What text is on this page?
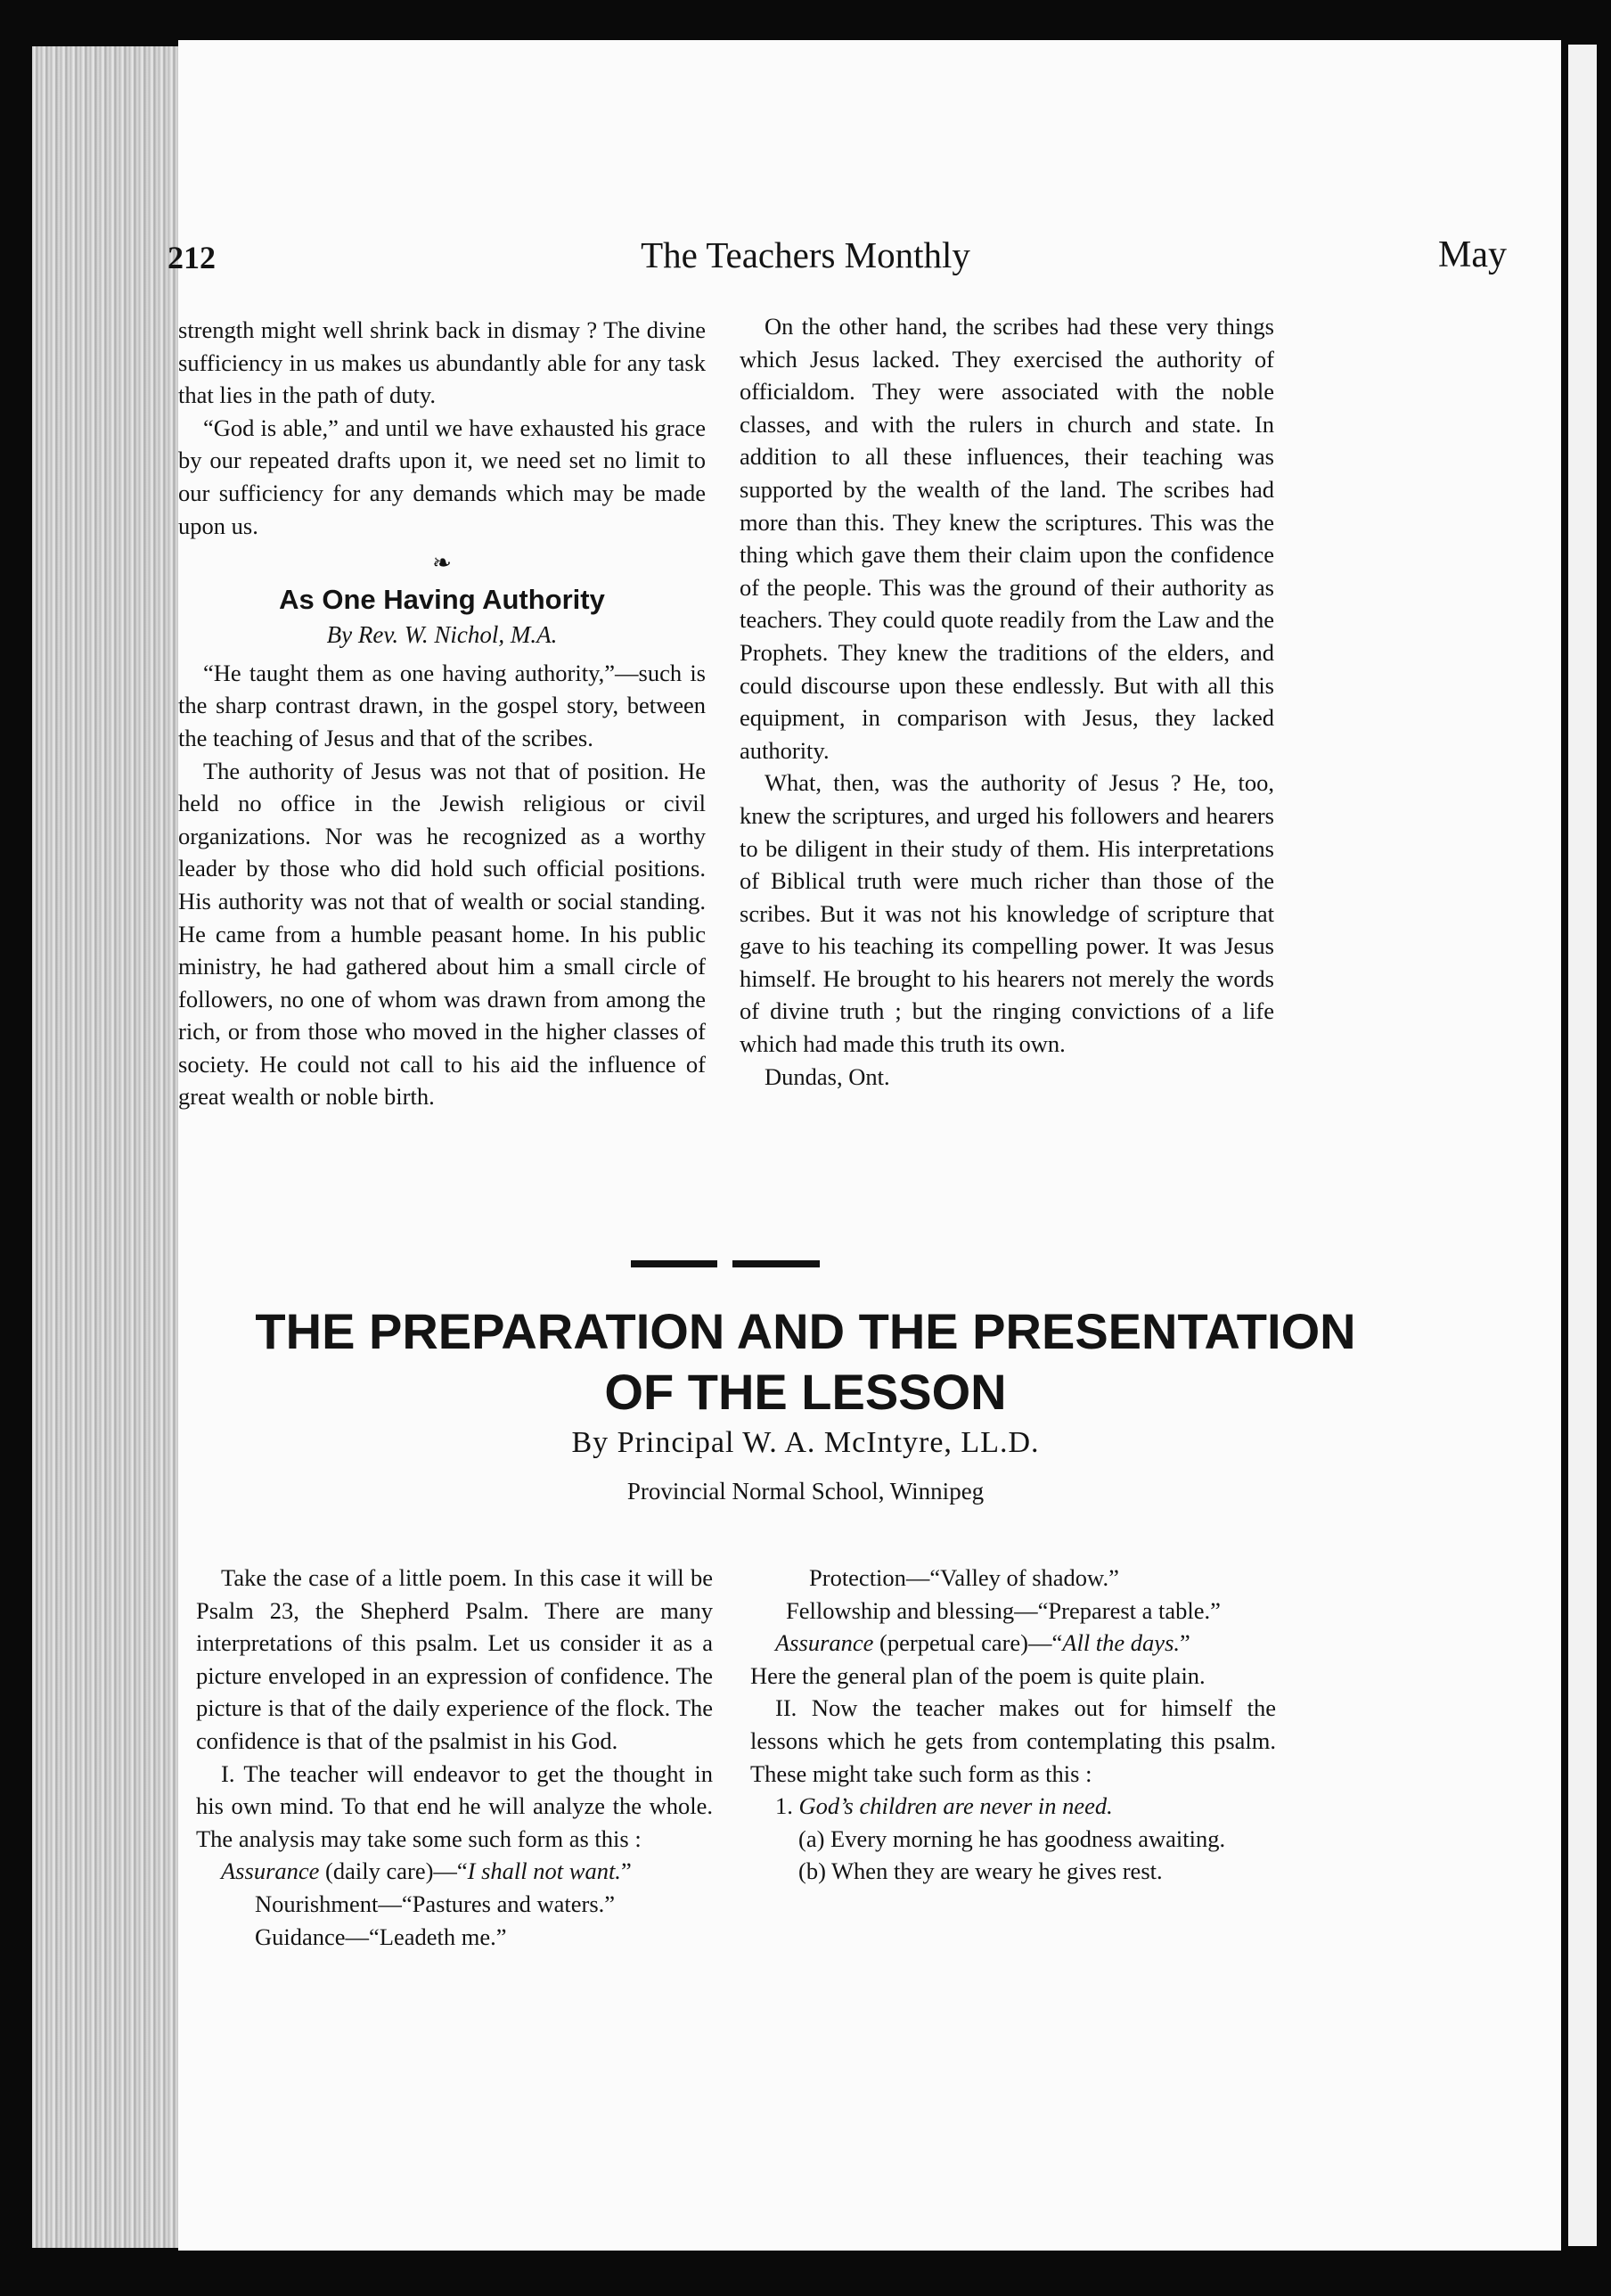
212	The Teachers Monthly	May

strength might well shrink back in dismay ? The divine sufficiency in us makes us abundantly able for any task that lies in the path of duty.

“God is able,” and until we have exhausted his grace by our repeated drafts upon it, we need set no limit to our sufficiency for any demands which may be made upon us.

❧
As One Having Authority
By Rev. W. Nichol, M.A.

“He taught them as one having authority,”—such is the sharp contrast drawn, in the gospel story, between the teaching of Jesus and that of the scribes.

The authority of Jesus was not that of position. He held no office in the Jewish religious or civil organizations. Nor was he recognized as a worthy leader by those who did hold such official positions. His authority was not that of wealth or social standing. He came from a humble peasant home. In his public ministry, he had gathered about him a small circle of followers, no one of whom was drawn from among the rich, or from those who moved in the higher classes of society. He could not call to his aid the influence of great wealth or noble birth.

On the other hand, the scribes had these very things which Jesus lacked. They exercised the authority of officialdom. They were associated with the noble classes, and with the rulers in church and state. In addition to all these influences, their teaching was supported by the wealth of the land. The scribes had more than this. They knew the scriptures. This was the thing which gave them their claim upon the confidence of the people. This was the ground of their authority as teachers. They could quote readily from the Law and the Prophets. They knew the traditions of the elders, and could discourse upon these endlessly. But with all this equipment, in comparison with Jesus, they lacked authority.

What, then, was the authority of Jesus ? He, too, knew the scriptures, and urged his followers and hearers to be diligent in their study of them. His interpretations of Biblical truth were much richer than those of the scribes. But it was not his knowledge of scripture that gave to his teaching its compelling power. It was Jesus himself. He brought to his hearers not merely the words of divine truth ; but the ringing convictions of a life which had made this truth its own.

Dundas, Ont.

THE PREPARATION AND THE PRESENTATION
OF THE LESSON
By Principal W. A. McIntyre, LL.D.
Provincial Normal School, Winnipeg

Take the case of a little poem. In this case it will be Psalm 23, the Shepherd Psalm. There are many interpretations of this psalm. Let us consider it as a picture enveloped in an expression of confidence. The picture is that of the daily experience of the flock. The confidence is that of the psalmist in his God.

I. The teacher will endeavor to get the thought in his own mind. To that end he will analyze the whole. The analysis may take some such form as this :

Assurance (daily care)—“I shall not want.”

Nourishment—“Pastures and waters.”

Guidance—“Leadeth me.”

Protection—“Valley of shadow.”

Fellowship and blessing—“Preparest a table.”

Assurance (perpetual care)—“All the days.”

Here the general plan of the poem is quite plain.

II. Now the teacher makes out for himself the lessons which he gets from contemplating this psalm. These might take such form as this :

1. God’s children are never in need.

(a) Every morning he has goodness awaiting.

(b) When they are weary he gives rest.
